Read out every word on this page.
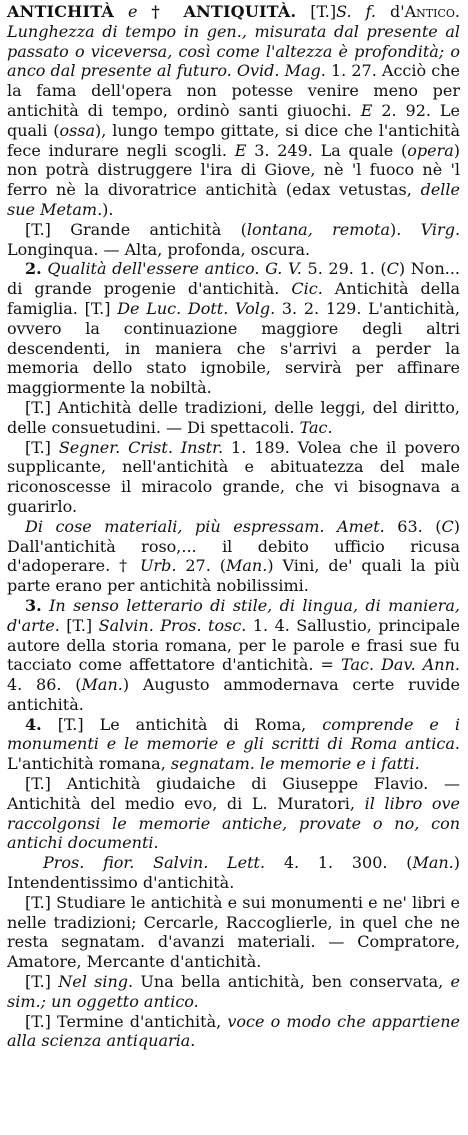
ANTICHITÀ e † ANTIQUITÀ. [T.]S. f. d'Antico. Lunghezza di tempo in gen., misurata dal presente al passato o viceversa, così come l'altezza è profondità; o anco dal presente al futuro. Ovid. Mag. 1. 27. Acciò che la fama dell'opera non potesse venire meno per antichità di tempo, ordinò santi giuochi. E 2. 92. Le quali (ossa), lungo tempo gittate, si dice che l'antichità fece indurare negli scogli. E 3. 249. La quale (opera) non potrà distruggere l'ira di Giove, nè 'l fuoco nè 'l ferro nè la divoratrice antichità (edax vetustas, delle sue Metam.).

[T.] Grande antichità (lontana, remota). Virg. Longinqua. — Alta, profonda, oscura.

2. Qualità dell'essere antico. G. V. 5. 29. 1. (C) Non... di grande progenie d'antichità. Cic. Antichità della famiglia. [T.] De Luc. Dott. Volg. 3. 2. 129. L'antichità, ovvero la continuazione maggiore degli altri descendenti, in maniera che s'arrivi a perder la memoria dello stato ignobile, servirà per affinare maggiormente la nobiltà.

[T.] Antichità delle tradizioni, delle leggi, del diritto, delle consuetudini. — Di spettacoli. Tac.

[T.] Segner. Crist. Instr. 1. 189. Volea che il povero supplicante, nell'antichità e abituatezza del male riconoscesse il miracolo grande, che vi bisognava a guarirlo.

Di cose materiali, più espressam. Amet. 63. (C) Dall'antichità roso,... il debito ufficio ricusa d'adoperare. † Urb. 27. (Man.) Vini, de' quali la più parte erano per antichità nobilissimi.

3. In senso letterario di stile, di lingua, di maniera, d'arte. [T.] Salvin. Pros. tosc. 1. 4. Sallustio, principale autore della storia romana, per le parole e frasi sue fu tacciato come affettatore d'antichità. = Tac. Dav. Ann. 4. 86. (Man.) Augusto ammodernava certe ruvide antichità.

4. [T.] Le antichità di Roma, comprende e i monumenti e le memorie e gli scritti di Roma antica. L'antichità romana, segnatam. le memorie e i fatti.

[T.] Antichità giudaiche di Giuseppe Flavio. — Antichità del medio evo, di L. Muratori, il libro ove raccolgonsi le memorie antiche, provate o no, con antichi documenti.

Pros. fior. Salvin. Lett. 4. 1. 300. (Man.) Intendentissimo d'antichità.

[T.] Studiare le antichità e sui monumenti e ne' libri e nelle tradizioni; Cercarle, Raccoglierle, in quel che ne resta segnatam. d'avanzi materiali. — Compratore, Amatore, Mercante d'antichità.

[T.] Nel sing. Una bella antichità, ben conservata, e sim.; un oggetto antico.

[T.] Termine d'antichità, voce o modo che appartiene alla scienza antiquaria.
